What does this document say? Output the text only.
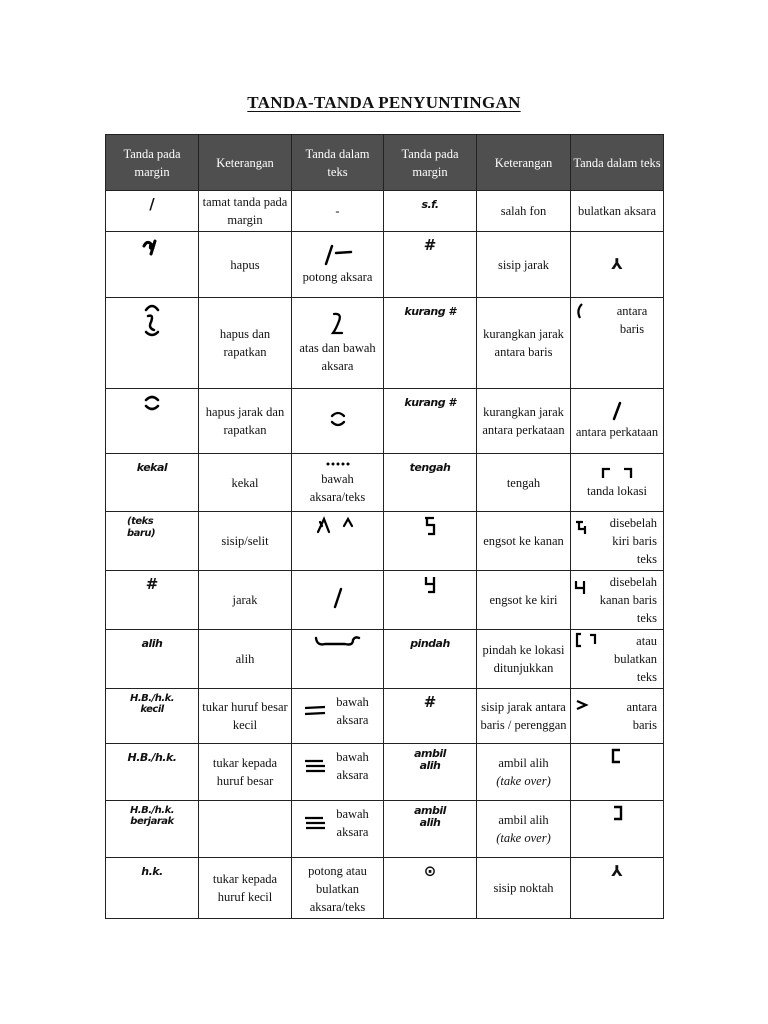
TANDA-TANDA PENYUNTINGAN
Tanda pada margin	Keterangan	Tanda dalam teks	Tanda pada margin	Keterangan	Tanda dalam teks
/	tamat tanda pada margin	-	s.f.	salah fon	bulatkan aksara
	hapus	potong aksara	#	sisip jarak	⅄
	hapus dan rapatkan	atas dan bawah aksara	kurang #	kurangkan jarak antara baris	antara baris

	hapus jarak dan rapatkan		kurang #	kurangkan jarak antara perkataan	antara perkataan

kekal	kekal	bawah aksara/teks	tengah	tengah	tanda lokasi

(teks baru)	sisip/selit			engsot ke kanan	disebelah kiri baris teks

#	jarak			engsot ke kiri	disebelah kanan baris teks

alih	alih		pindah	pindah ke lokasi ditunjukkan	atau bulatkan teks

H.B./h.k. kecil	tukar huruf besar kecil	bawah aksara	#	sisip jarak antara baris / perenggan	antara baris

H.B./h.k.	tukar kepada huruf besar	bawah aksara	ambil alih	ambil alih
(take over)

H.B./h.k. berjarak		bawah aksara	ambil alih	ambil alih
(take over)

h.k.	tukar kepada huruf kecil	potong atau bulatkan aksara/teks	⊙	sisip noktah	⅄
